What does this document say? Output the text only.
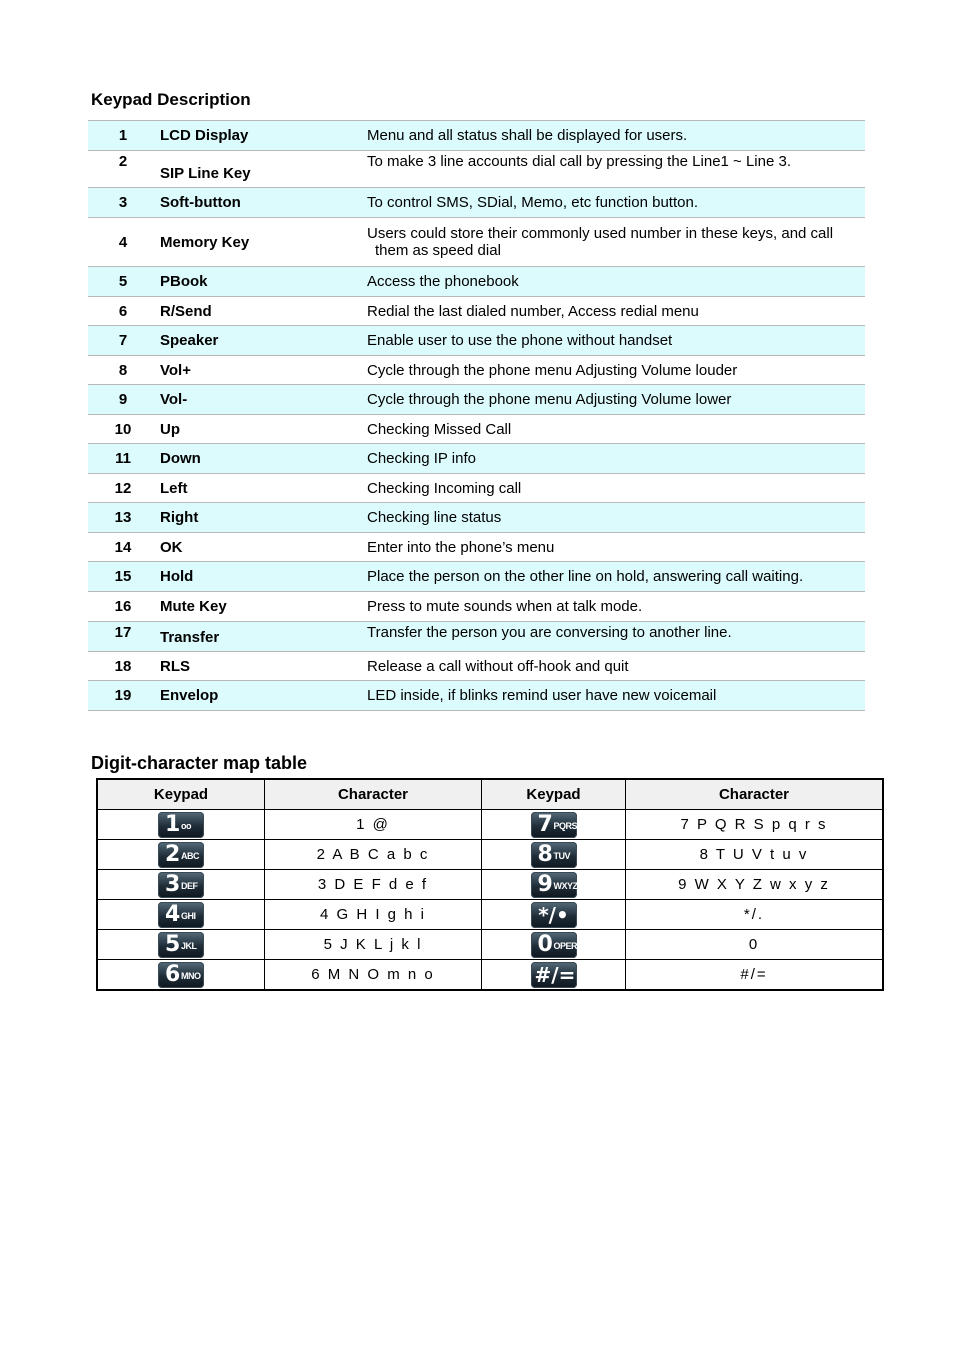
Keypad Description
1	LCD Display	Menu and all status shall be displayed for users.
2	SIP Line Key	To make 3 line accounts dial call by pressing the Line1 ~ Line 3.
3	Soft-button	To control SMS, SDial, Memo, etc function button.
4	Memory Key	Users could store their commonly used number in these keys, and call
them as speed dial

5	PBook	Access the phonebook
6	R/Send	Redial the last dialed number, Access redial menu
7	Speaker	Enable user to use the phone without handset
8	Vol+	Cycle through the phone menu Adjusting Volume louder
9	Vol-	Cycle through the phone menu Adjusting Volume lower
10	Up	Checking Missed Call
11	Down	Checking IP info
12	Left	Checking Incoming call
13	Right	Checking line status
14	OK	Enter into the phone’s menu
15	Hold	Place the person on the other line on hold, answering call waiting.
16	Mute Key	Press to mute sounds when at talk mode.
17	Transfer	Transfer the person you are conversing to another line.
18	RLS	Release a call without off-hook and quit
19	Envelop	LED inside, if blinks remind user have new voicemail
Digit-character map table
Keypad	Character	Keypad	Character

1 oo	1 @	7 PQRS	7 P Q R S p q r s

2 ABC	2 A B C a b c	8 TUV	8 T U V t u v

3 DEF	3 D E F d e f	9 WXYZ	9 W X Y Z w x y z

4 GHI	4 G H I g h i	*/•	*/.

5 JKL	5 J K L j k l	0 OPER	0

6 MNO	6 M N O m n o	#/=	#/=
